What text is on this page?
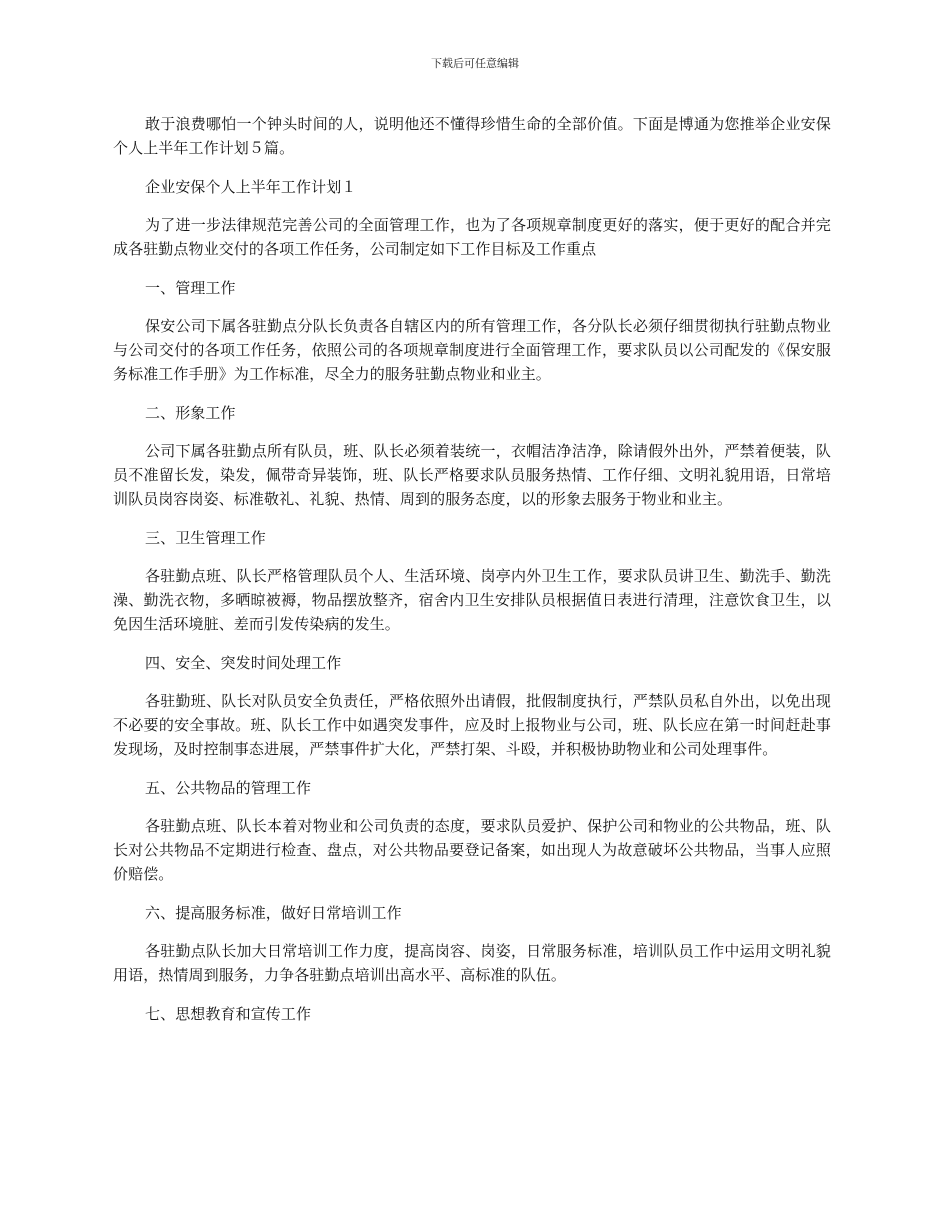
下载后可任意编辑

敢于浪费哪怕一个钟头时间的人，说明他还不懂得珍惜生命的全部价值。下面是博通为您推举企业安保个人上半年工作计划５篇。

企业安保个人上半年工作计划１

为了进一步法律规范完善公司的全面管理工作，也为了各项规章制度更好的落实，便于更好的配合并完成各驻勤点物业交付的各项工作任务，公司制定如下工作目标及工作重点

一、管理工作

保安公司下属各驻勤点分队长负责各自辖区内的所有管理工作，各分队长必须仔细贯彻执行驻勤点物业与公司交付的各项工作任务，依照公司的各项规章制度进行全面管理工作，要求队员以公司配发的《保安服务标准工作手册》为工作标准，尽全力的服务驻勤点物业和业主。

二、形象工作

公司下属各驻勤点所有队员，班、队长必须着装统一，衣帽洁净洁净，除请假外出外，严禁着便装，队员不准留长发，染发，佩带奇异装饰，班、队长严格要求队员服务热情、工作仔细、文明礼貌用语，日常培训队员岗容岗姿、标准敬礼、礼貌、热情、周到的服务态度，以的形象去服务于物业和业主。

三、卫生管理工作

各驻勤点班、队长严格管理队员个人、生活环境、岗亭内外卫生工作，要求队员讲卫生、勤洗手、勤洗澡、勤洗衣物，多晒晾被褥，物品摆放整齐，宿舍内卫生安排队员根据值日表进行清理，注意饮食卫生，以免因生活环境脏、差而引发传染病的发生。

四、安全、突发时间处理工作

各驻勤班、队长对队员安全负责任，严格依照外出请假，批假制度执行，严禁队员私自外出，以免出现不必要的安全事故。班、队长工作中如遇突发事件，应及时上报物业与公司，班、队长应在第一时间赶赴事发现场，及时控制事态进展，严禁事件扩大化，严禁打架、斗殴，并积极协助物业和公司处理事件。

五、公共物品的管理工作

各驻勤点班、队长本着对物业和公司负责的态度，要求队员爱护、保护公司和物业的公共物品，班、队长对公共物品不定期进行检查、盘点，对公共物品要登记备案，如出现人为故意破坏公共物品，当事人应照价赔偿。

六、提高服务标准，做好日常培训工作

各驻勤点队长加大日常培训工作力度，提高岗容、岗姿，日常服务标准，培训队员工作中运用文明礼貌用语，热情周到服务，力争各驻勤点培训出高水平、高标准的队伍。

七、思想教育和宣传工作
